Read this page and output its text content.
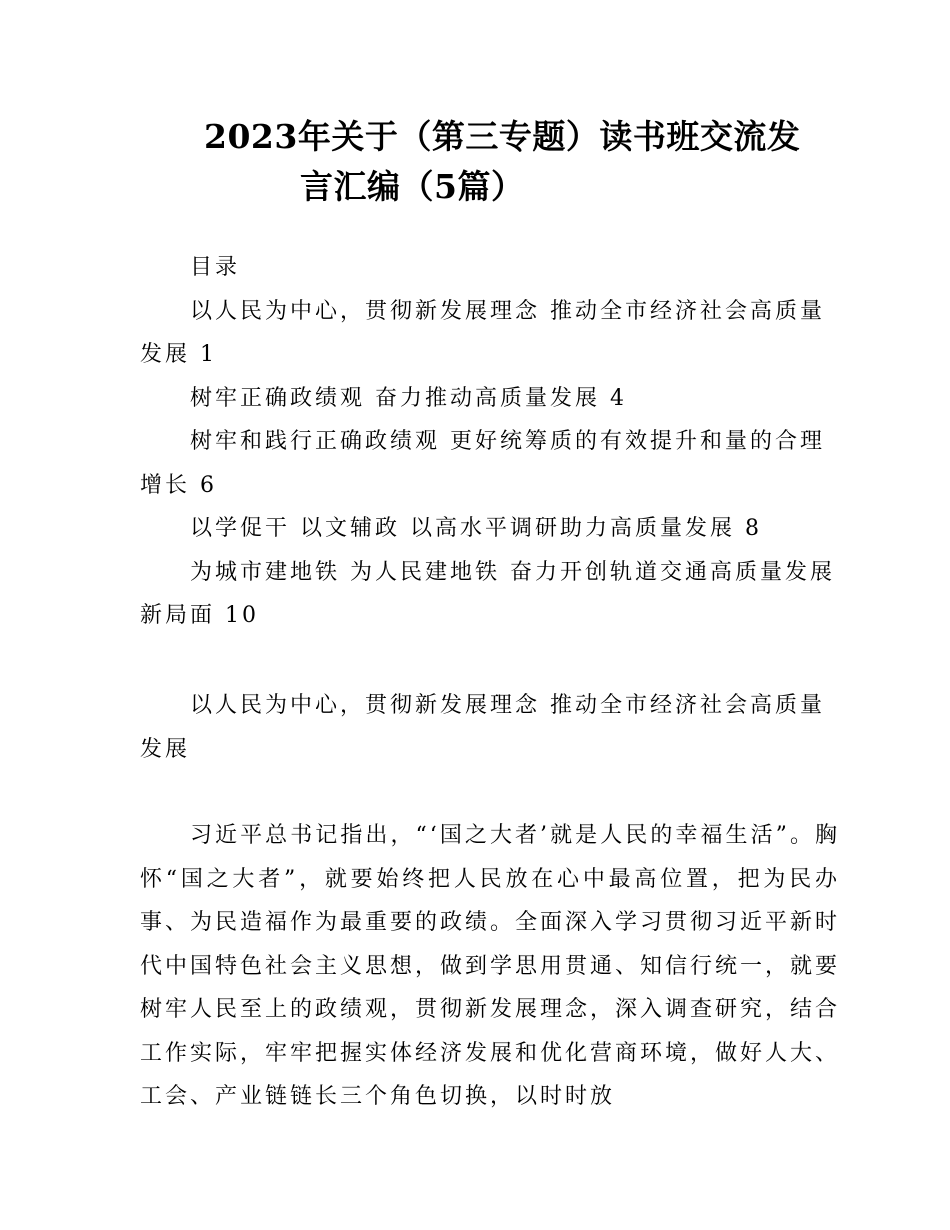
2023年关于（第三专题）读书班交流发
言汇编（5篇）

目录

以人民为中心，贯彻新发展理念 推动全市经济社会高质量发展 1

树牢正确政绩观 奋力推动高质量发展 4

树牢和践行正确政绩观 更好统筹质的有效提升和量的合理增长 6

以学促干 以文辅政 以高水平调研助力高质量发展 8

为城市建地铁 为人民建地铁 奋力开创轨道交通高质量发展新局面 10

以人民为中心，贯彻新发展理念 推动全市经济社会高质量发展

习近平总书记指出，“‘国之大者’就是人民的幸福生活”。胸怀“国之大者”，就要始终把人民放在心中最高位置，把为民办事、为民造福作为最重要的政绩。全面深入学习贯彻习近平新时代中国特色社会主义思想，做到学思用贯通、知信行统一，就要树牢人民至上的政绩观，贯彻新发展理念，深入调查研究，结合工作实际，牢牢把握实体经济发展和优化营商环境，做好人大、工会、产业链链长三个角色切换，以时时放
